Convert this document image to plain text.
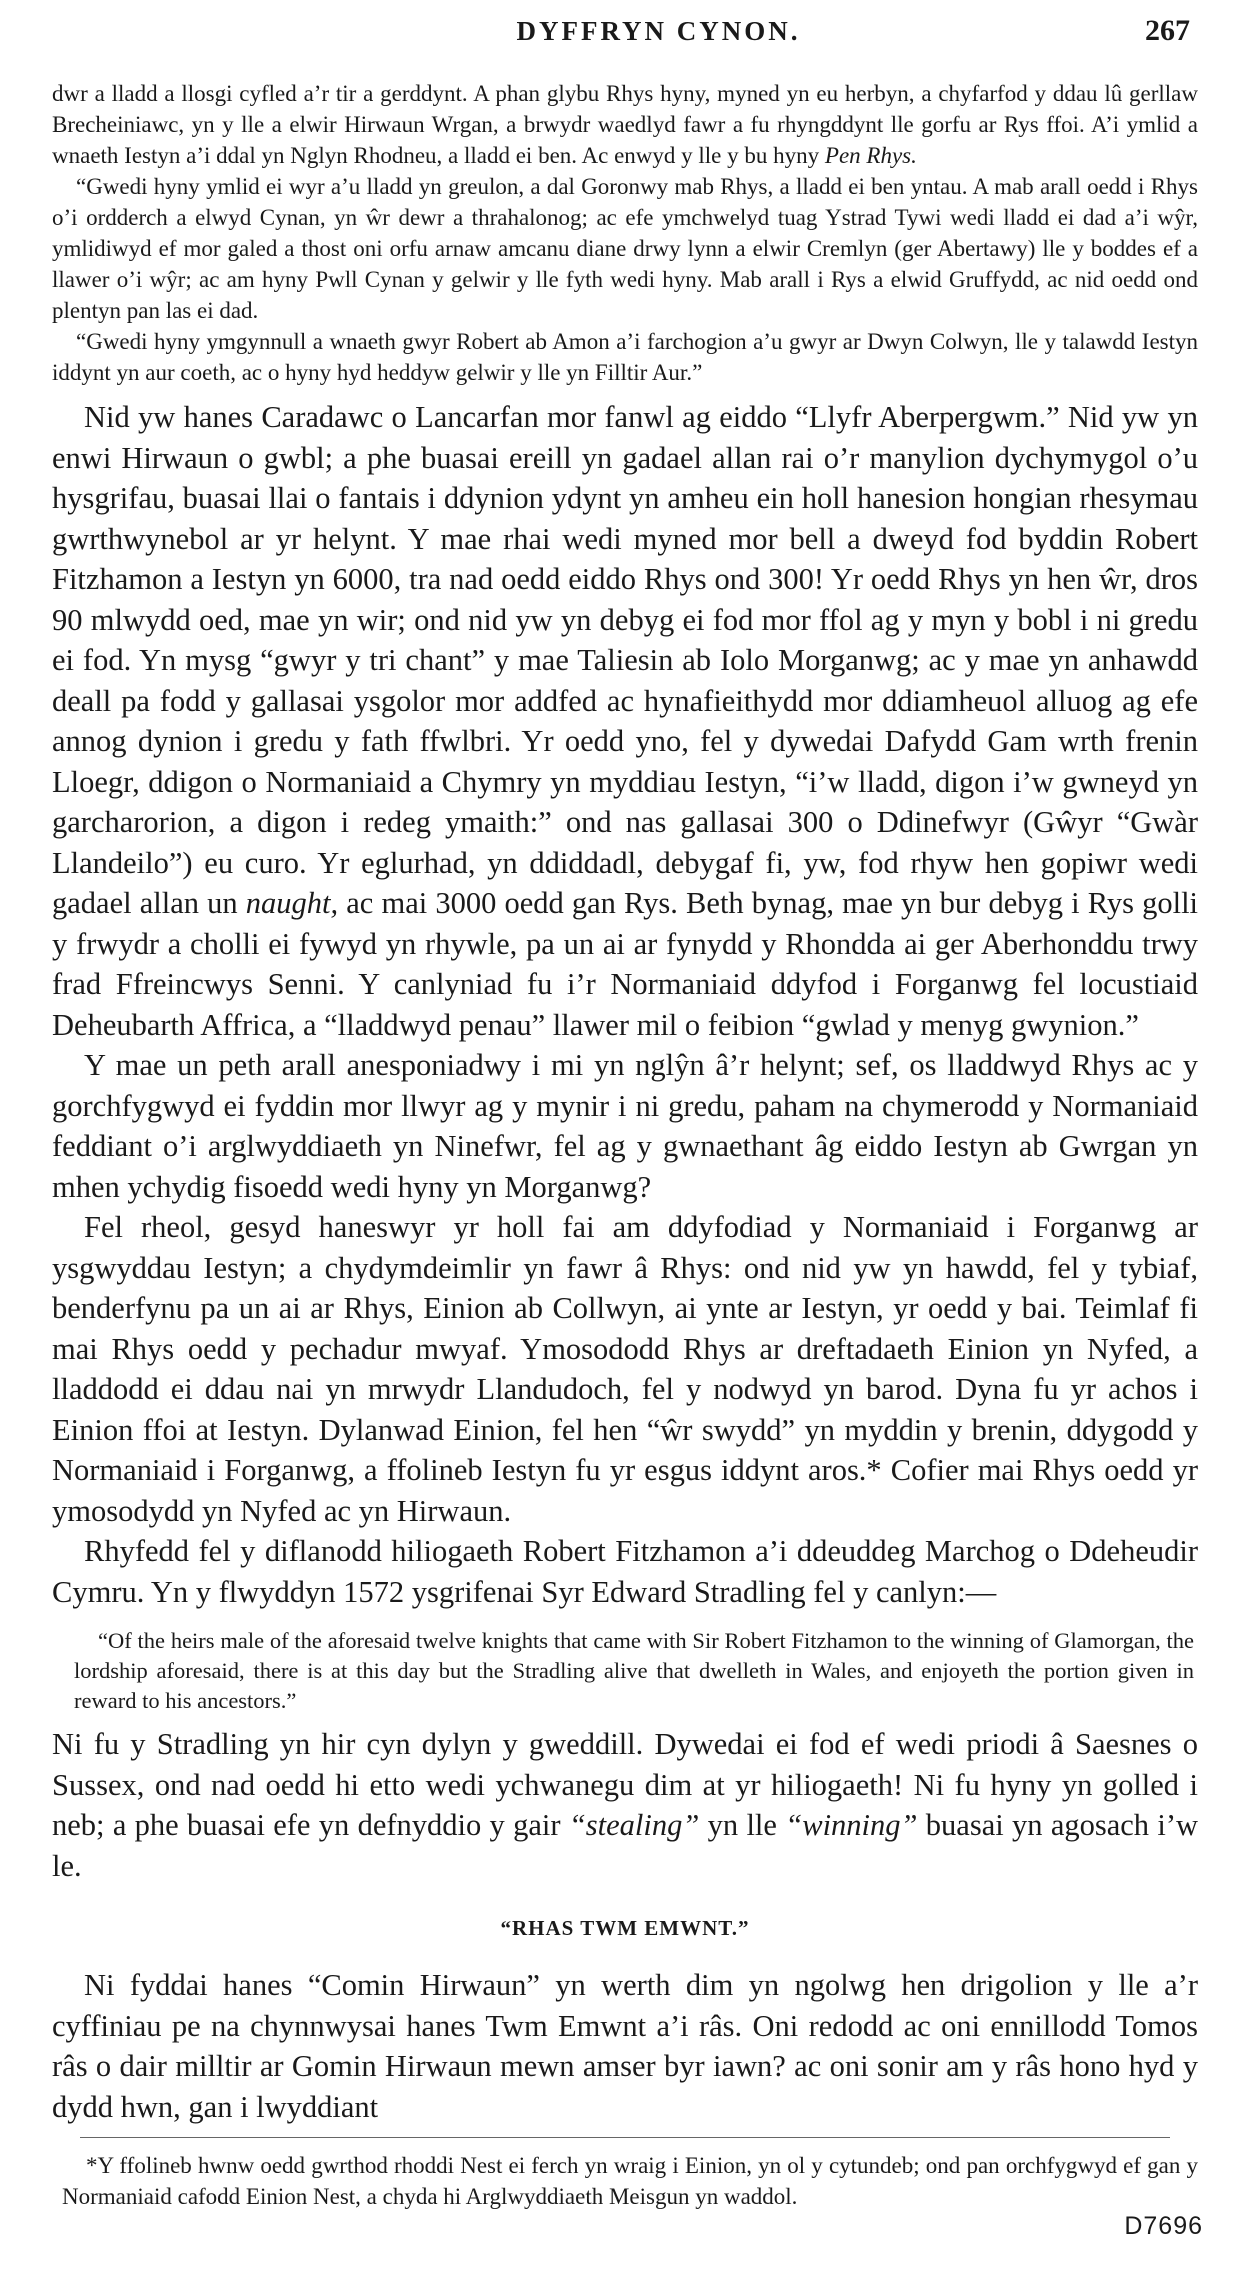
DYFFRYN CYNON.	267

dwr a lladd a llosgi cyfled a’r tir a gerddynt. A phan glybu Rhys hyny, myned yn eu herbyn, a chyfarfod y ddau lû gerllaw Brecheiniawc, yn y lle a elwir Hirwaun Wrgan, a brwydr waedlyd fawr a fu rhyngddynt lle gorfu ar Rys ffoi. A’i ymlid a wnaeth Iestyn a’i ddal yn Nglyn Rhodneu, a lladd ei ben. Ac enwyd y lle y bu hyny Pen Rhys.

“Gwedi hyny ymlid ei wyr a’u lladd yn greulon, a dal Goronwy mab Rhys, a lladd ei ben yntau. A mab arall oedd i Rhys o’i ordderch a elwyd Cynan, yn ŵr dewr a thrahalonog; ac efe ymchwelyd tuag Ystrad Tywi wedi lladd ei dad a’i wŷr, ymlidiwyd ef mor galed a thost oni orfu arnaw amcanu diane drwy lynn a elwir Cremlyn (ger Abertawy) lle y boddes ef a llawer o’i wŷr; ac am hyny Pwll Cynan y gelwir y lle fyth wedi hyny. Mab arall i Rys a elwid Gruffydd, ac nid oedd ond plentyn pan las ei dad.

“Gwedi hyny ymgynnull a wnaeth gwyr Robert ab Amon a’i farchogion a’u gwyr ar Dwyn Colwyn, lle y talawdd Iestyn iddynt yn aur coeth, ac o hyny hyd heddyw gelwir y lle yn Filltir Aur.”

Nid yw hanes Caradawc o Lancarfan mor fanwl ag eiddo “Llyfr Aberpergwm.” Nid yw yn enwi Hirwaun o gwbl; a phe buasai ereill yn gadael allan rai o’r manylion dychymygol o’u hysgrifau, buasai llai o fantais i ddynion ydynt yn amheu ein holl hanesion hongian rhesymau gwrthwynebol ar yr helynt. Y mae rhai wedi myned mor bell a dweyd fod byddin Robert Fitzhamon a Iestyn yn 6000, tra nad oedd eiddo Rhys ond 300! Yr oedd Rhys yn hen ŵr, dros 90 mlwydd oed, mae yn wir; ond nid yw yn debyg ei fod mor ffol ag y myn y bobl i ni gredu ei fod. Yn mysg “gwyr y tri chant” y mae Taliesin ab Iolo Morganwg; ac y mae yn anhawdd deall pa fodd y gallasai ysgolor mor addfed ac hynafieithydd mor ddiamheuol alluog ag efe annog dynion i gredu y fath ffwlbri. Yr oedd yno, fel y dywedai Dafydd Gam wrth frenin Lloegr, ddigon o Normaniaid a Chymry yn myddiau Iestyn, “i’w lladd, digon i’w gwneyd yn garcharorion, a digon i redeg ymaith:” ond nas gallasai 300 o Ddinefwyr (Gŵyr “Gwàr Llandeilo”) eu curo. Yr eglurhad, yn ddiddadl, debygaf fi, yw, fod rhyw hen gopiwr wedi gadael allan un naught, ac mai 3000 oedd gan Rys. Beth bynag, mae yn bur debyg i Rys golli y frwydr a cholli ei fywyd yn rhywle, pa un ai ar fynydd y Rhondda ai ger Aberhonddu trwy frad Ffreincwys Senni. Y canlyniad fu i’r Normaniaid ddyfod i Forganwg fel locustiaid Deheubarth Affrica, a “lladdwyd penau” llawer mil o feibion “gwlad y menyg gwynion.”

Y mae un peth arall anesponiadwy i mi yn nglŷn â’r helynt; sef, os lladdwyd Rhys ac y gorchfygwyd ei fyddin mor llwyr ag y mynir i ni gredu, paham na chymerodd y Normaniaid feddiant o’i arglwyddiaeth yn Ninefwr, fel ag y gwnaethant âg eiddo Iestyn ab Gwrgan yn mhen ychydig fisoedd wedi hyny yn Morganwg?

Fel rheol, gesyd haneswyr yr holl fai am ddyfodiad y Normaniaid i Forganwg ar ysgwyddau Iestyn; a chydymdeimlir yn fawr â Rhys: ond nid yw yn hawdd, fel y tybiaf, benderfynu pa un ai ar Rhys, Einion ab Collwyn, ai ynte ar Iestyn, yr oedd y bai. Teimlaf fi mai Rhys oedd y pechadur mwyaf. Ymosododd Rhys ar dreftadaeth Einion yn Nyfed, a lladdodd ei ddau nai yn mrwydr Llandudoch, fel y nodwyd yn barod. Dyna fu yr achos i Einion ffoi at Iestyn. Dylanwad Einion, fel hen “ŵr swydd” yn myddin y brenin, ddygodd y Normaniaid i Forganwg, a ffolineb Iestyn fu yr esgus iddynt aros.* Cofier mai Rhys oedd yr ymosodydd yn Nyfed ac yn Hirwaun.

Rhyfedd fel y diflanodd hiliogaeth Robert Fitzhamon a’i ddeuddeg Marchog o Ddeheudir Cymru. Yn y flwyddyn 1572 ysgrifenai Syr Edward Stradling fel y canlyn:—

“Of the heirs male of the aforesaid twelve knights that came with Sir Robert Fitzhamon to the winning of Glamorgan, the lordship aforesaid, there is at this day but the Stradling alive that dwelleth in Wales, and enjoyeth the portion given in reward to his ancestors.”

Ni fu y Stradling yn hir cyn dylyn y gweddill. Dywedai ei fod ef wedi priodi â Saesnes o Sussex, ond nad oedd hi etto wedi ychwanegu dim at yr hiliogaeth! Ni fu hyny yn golled i neb; a phe buasai efe yn defnyddio y gair “stealing” yn lle “winning” buasai yn agosach i’w le.

“RHAS TWM EMWNT.”

Ni fyddai hanes “Comin Hirwaun” yn werth dim yn ngolwg hen drigolion y lle a’r cyffiniau pe na chynnwysai hanes Twm Emwnt a’i râs. Oni redodd ac oni ennillodd Tomos râs o dair milltir ar Gomin Hirwaun mewn amser byr iawn? ac oni sonir am y râs hono hyd y dydd hwn, gan i lwyddiant

*Y ffolineb hwnw oedd gwrthod rhoddi Nest ei ferch yn wraig i Einion, yn ol y cytundeb; ond pan orchfygwyd ef gan y Normaniaid cafodd Einion Nest, a chyda hi Arglwyddiaeth Meisgun yn waddol.

D7696
